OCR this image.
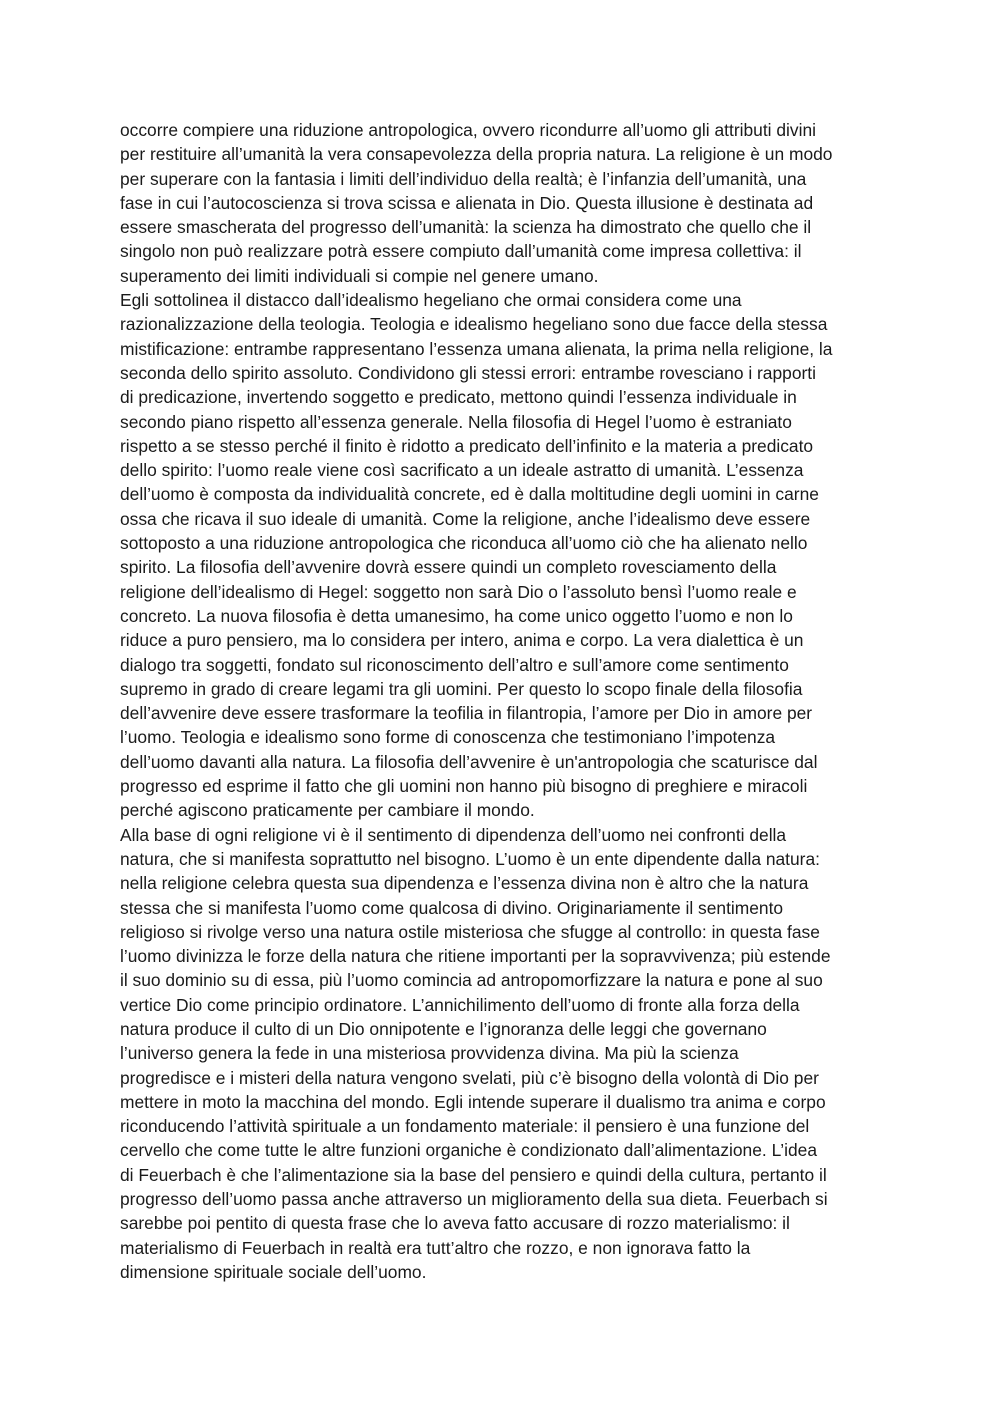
occorre compiere una riduzione antropologica, ovvero ricondurre all’uomo gli attributi divini
per restituire all’umanità la vera consapevolezza della propria natura. La religione è un modo
per superare con la fantasia i limiti dell’individuo della realtà; è l’infanzia dell’umanità, una
fase in cui l’autocoscienza si trova scissa e alienata in Dio. Questa illusione è destinata ad
essere smascherata del progresso dell’umanità: la scienza ha dimostrato che quello che il
singolo non può realizzare potrà essere compiuto dall’umanità come impresa collettiva: il
superamento dei limiti individuali si compie nel genere umano.
Egli sottolinea il distacco dall’idealismo hegeliano che ormai considera come una
razionalizzazione della teologia. Teologia e idealismo hegeliano sono due facce della stessa
mistificazione: entrambe rappresentano l’essenza umana alienata, la prima nella religione, la
seconda dello spirito assoluto. Condividono gli stessi errori: entrambe rovesciano i rapporti
di predicazione, invertendo soggetto e predicato, mettono quindi l’essenza individuale in
secondo piano rispetto all’essenza generale. Nella filosofia di Hegel l’uomo è estraniato
rispetto a se stesso perché il finito è ridotto a predicato dell’infinito e la materia a predicato
dello spirito: l’uomo reale viene così sacrificato a un ideale astratto di umanità. L’essenza
dell’uomo è composta da individualità concrete, ed è dalla moltitudine degli uomini in carne
ossa che ricava il suo ideale di umanità. Come la religione, anche l’idealismo deve essere
sottoposto a una riduzione antropologica che riconduca all’uomo ciò che ha alienato nello
spirito. La filosofia dell’avvenire dovrà essere quindi un completo rovesciamento della
religione dell’idealismo di Hegel: soggetto non sarà Dio o l’assoluto bensì l’uomo reale e
concreto. La nuova filosofia è detta umanesimo, ha come unico oggetto l’uomo e non lo
riduce a puro pensiero, ma lo considera per intero, anima e corpo. La vera dialettica è un
dialogo tra soggetti, fondato sul riconoscimento dell’altro e sull’amore come sentimento
supremo in grado di creare legami tra gli uomini. Per questo lo scopo finale della filosofia
dell’avvenire deve essere trasformare la teofilia in filantropia, l’amore per Dio in amore per
l’uomo. Teologia e idealismo sono forme di conoscenza che testimoniano l’impotenza
dell’uomo davanti alla natura. La filosofia dell’avvenire è un'antropologia che scaturisce dal
progresso ed esprime il fatto che gli uomini non hanno più bisogno di preghiere e miracoli
perché agiscono praticamente per cambiare il mondo.
Alla base di ogni religione vi è il sentimento di dipendenza dell’uomo nei confronti della
natura, che si manifesta soprattutto nel bisogno. L’uomo è un ente dipendente dalla natura:
nella religione celebra questa sua dipendenza e l’essenza divina non è altro che la natura
stessa che si manifesta l’uomo come qualcosa di divino. Originariamente il sentimento
religioso si rivolge verso una natura ostile misteriosa che sfugge al controllo: in questa fase
l’uomo divinizza le forze della natura che ritiene importanti per la sopravvivenza; più estende
il suo dominio su di essa, più l’uomo comincia ad antropomorfizzare la natura e pone al suo
vertice Dio come principio ordinatore. L’annichilimento dell’uomo di fronte alla forza della
natura produce il culto di un Dio onnipotente e l’ignoranza delle leggi che governano
l’universo genera la fede in una misteriosa provvidenza divina. Ma più la scienza
progredisce e i misteri della natura vengono svelati, più c’è bisogno della volontà di Dio per
mettere in moto la macchina del mondo. Egli intende superare il dualismo tra anima e corpo
riconducendo l’attività spirituale a un fondamento materiale: il pensiero è una funzione del
cervello che come tutte le altre funzioni organiche è condizionato dall’alimentazione. L’idea
di Feuerbach è che l’alimentazione sia la base del pensiero e quindi della cultura, pertanto il
progresso dell’uomo passa anche attraverso un miglioramento della sua dieta. Feuerbach si
sarebbe poi pentito di questa frase che lo aveva fatto accusare di rozzo materialismo: il
materialismo di Feuerbach in realtà era tutt’altro che rozzo, e non ignorava fatto la
dimensione spirituale sociale dell’uomo.
